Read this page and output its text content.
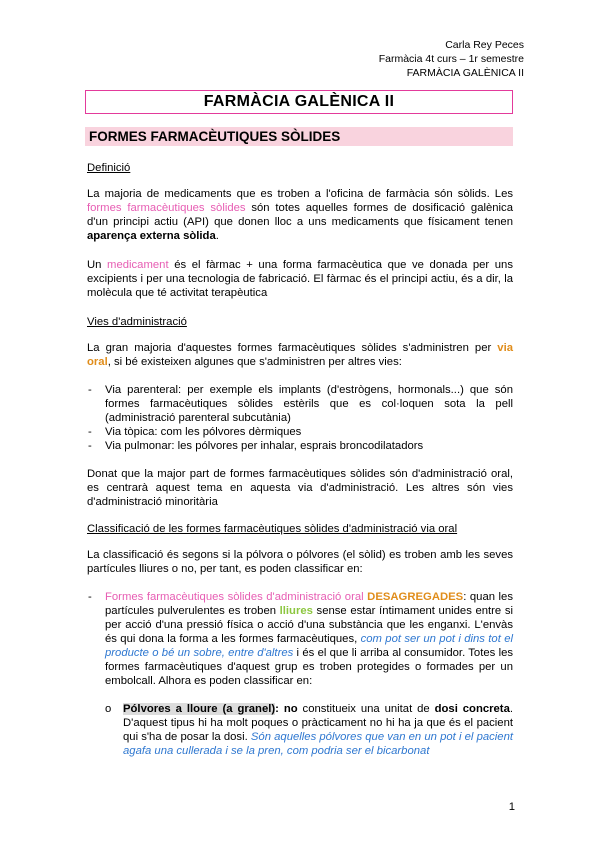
Carla Rey Peces
Farmàcia 4t curs – 1r semestre
FARMÀCIA GALÈNICA II
FARMÀCIA GALÈNICA II
FORMES FARMACÈUTIQUES SÒLIDES
Definició
La majoria de medicaments que es troben a l'oficina de farmàcia són sòlids. Les formes farmacèutiques sòlides són totes aquelles formes de dosificació galènica d'un principi actiu (API) que donen lloc a uns medicaments que físicament tenen aparença externa sòlida.
Un medicament és el fàrmac + una forma farmacèutica que ve donada per uns excipients i per una tecnologia de fabricació. El fàrmac és el principi actiu, és a dir, la molècula que té activitat terapèutica
Vies d'administració
La gran majoria d'aquestes formes farmacèutiques sòlides s'administren per via oral, si bé existeixen algunes que s'administren per altres vies:
- Via parenteral: per exemple els implants (d'estrògens, hormonals...) que són formes farmacèutiques sòlides estèrils que es col·loquen sota la pell (administració parenteral subcutània)
- Via tòpica: com les pólvores dèrmiques
- Via pulmonar: les pólvores per inhalar, esprais broncodilatadors
Donat que la major part de formes farmacèutiques sòlides són d'administració oral, es centrarà aquest tema en aquesta via d'administració. Les altres són vies d'administració minoritària
Classificació de les formes farmacèutiques sòlides d'administració via oral
La classificació és segons si la pólvora o pólvores (el sòlid) es troben amb les seves partícules lliures o no, per tant, es poden classificar en:
- Formes farmacèutiques sòlides d'administració oral DESAGREGADES: quan les partícules pulverulentes es troben lliures sense estar íntimament unides entre si per acció d'una pressió física o acció d'una substància que les enganxi. L'envàs és qui dona la forma a les formes farmacèutiques, com pot ser un pot i dins tot el producte o bé un sobre, entre d'altres i és el que li arriba al consumidor. Totes les formes farmacèutiques d'aquest grup es troben protegides o formades per un embolcall. Alhora es poden classificar en:
o Pólvores a lloure (a granel): no constitueix una unitat de dosi concreta. D'aquest tipus hi ha molt poques o pràcticament no hi ha ja que és el pacient qui s'ha de posar la dosi. Són aquelles pólvores que van en un pot i el pacient agafa una cullerada i se la pren, com podria ser el bicarbonat
1
